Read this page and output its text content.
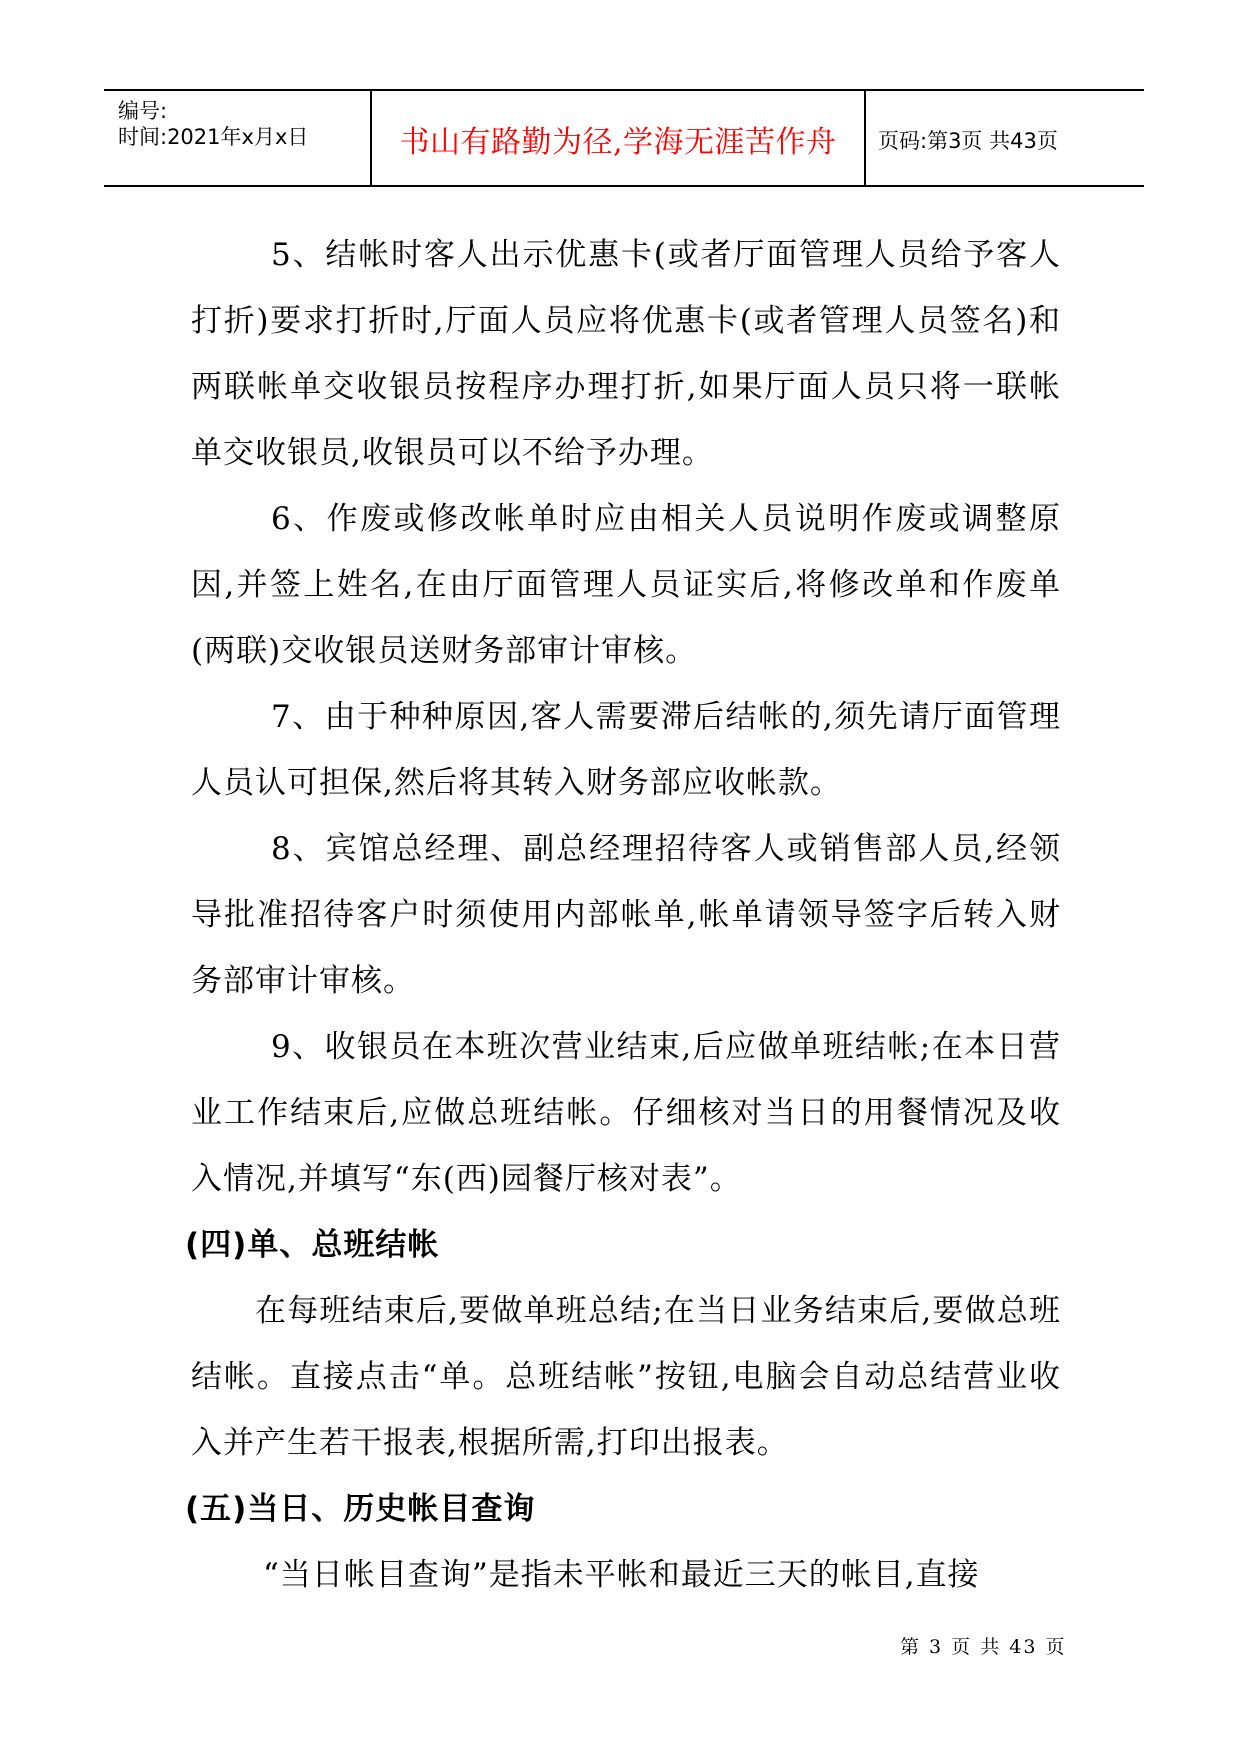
编号:
时间:2021年x月x日	书山有路勤为径,学海无涯苦作舟	页码:第3页 共43页

5、结帐时客人出示优惠卡(或者厅面管理人员给予客人打折)要求打折时,厅面人员应将优惠卡(或者管理人员签名)和两联帐单交收银员按程序办理打折,如果厅面人员只将一联帐单交收银员,收银员可以不给予办理。

6、作废或修改帐单时应由相关人员说明作废或调整原因,并签上姓名,在由厅面管理人员证实后,将修改单和作废单(两联)交收银员送财务部审计审核。

7、由于种种原因,客人需要滞后结帐的,须先请厅面管理人员认可担保,然后将其转入财务部应收帐款。

8、宾馆总经理、副总经理招待客人或销售部人员,经领导批准招待客户时须使用内部帐单,帐单请领导签字后转入财务部审计审核。

9、收银员在本班次营业结束,后应做单班结帐;在本日营业工作结束后,应做总班结帐。仔细核对当日的用餐情况及收入情况,并填写“东(西)园餐厅核对表”。

(四)单、总班结帐

在每班结束后,要做单班总结;在当日业务结束后,要做总班结帐。直接点击“单。总班结帐”按钮,电脑会自动总结营业收入并产生若干报表,根据所需,打印出报表。

(五)当日、历史帐目查询

“当日帐目查询”是指未平帐和最近三天的帐目,直接

第 3 页 共 43 页
